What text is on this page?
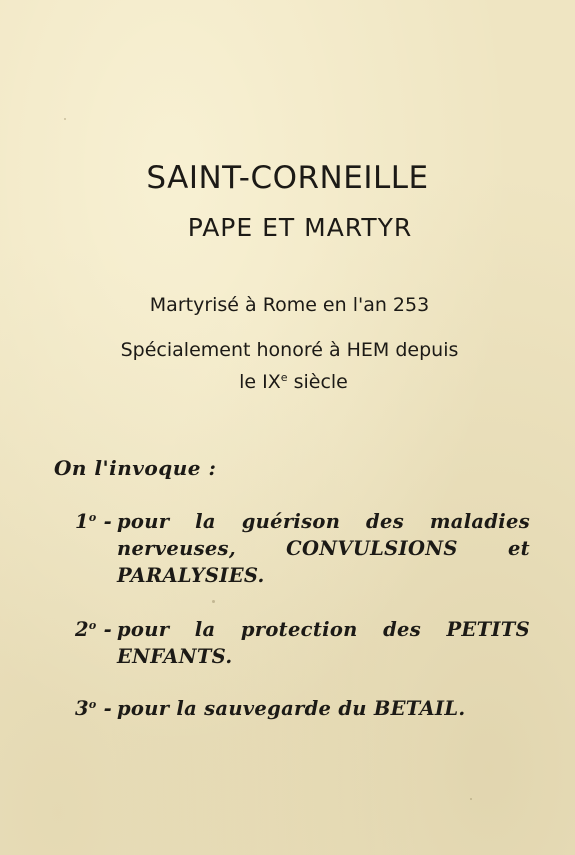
SAINT-CORNEILLE
PAPE ET MARTYR
Martyrisé à Rome en l'an 253
Spécialement honoré à HEM depuis
le IXe siècle
On l'invoque :
1$^o$ - pour la guérison des maladies nerveuses, CONVULSIONS et PARALYSIES.
2$^o$ - pour la protection des PETITS ENFANTS.
3$^o$ - pour la sauvegarde du BETAIL.
